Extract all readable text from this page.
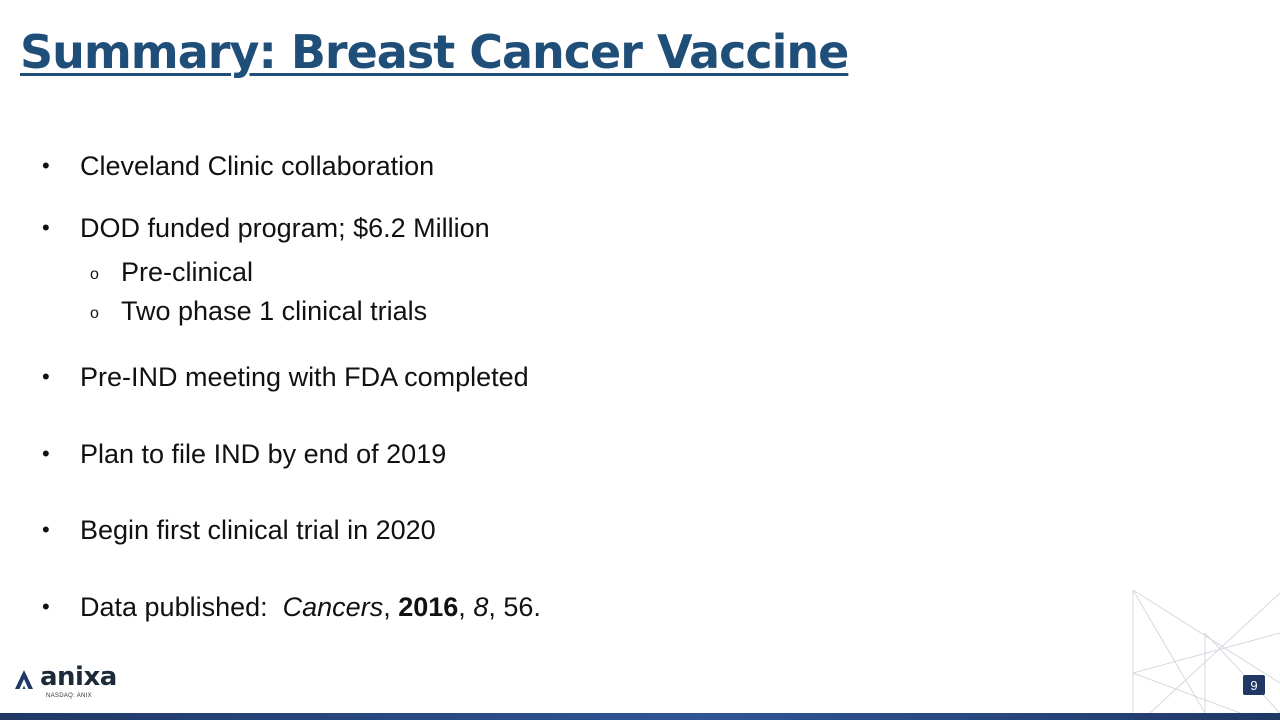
Summary: Breast Cancer Vaccine
•	Cleveland Clinic collaboration
•	DOD funded program; $6.2 Million
o Pre-clinical
o Two phase 1 clinical trials
•	Pre-IND meeting with FDA completed
•	Plan to file IND by end of 2019
•	Begin first clinical trial in 2020
•	Data published: Cancers, 2016, 8, 56.
anixa
NASDAQ: ANIX
9
